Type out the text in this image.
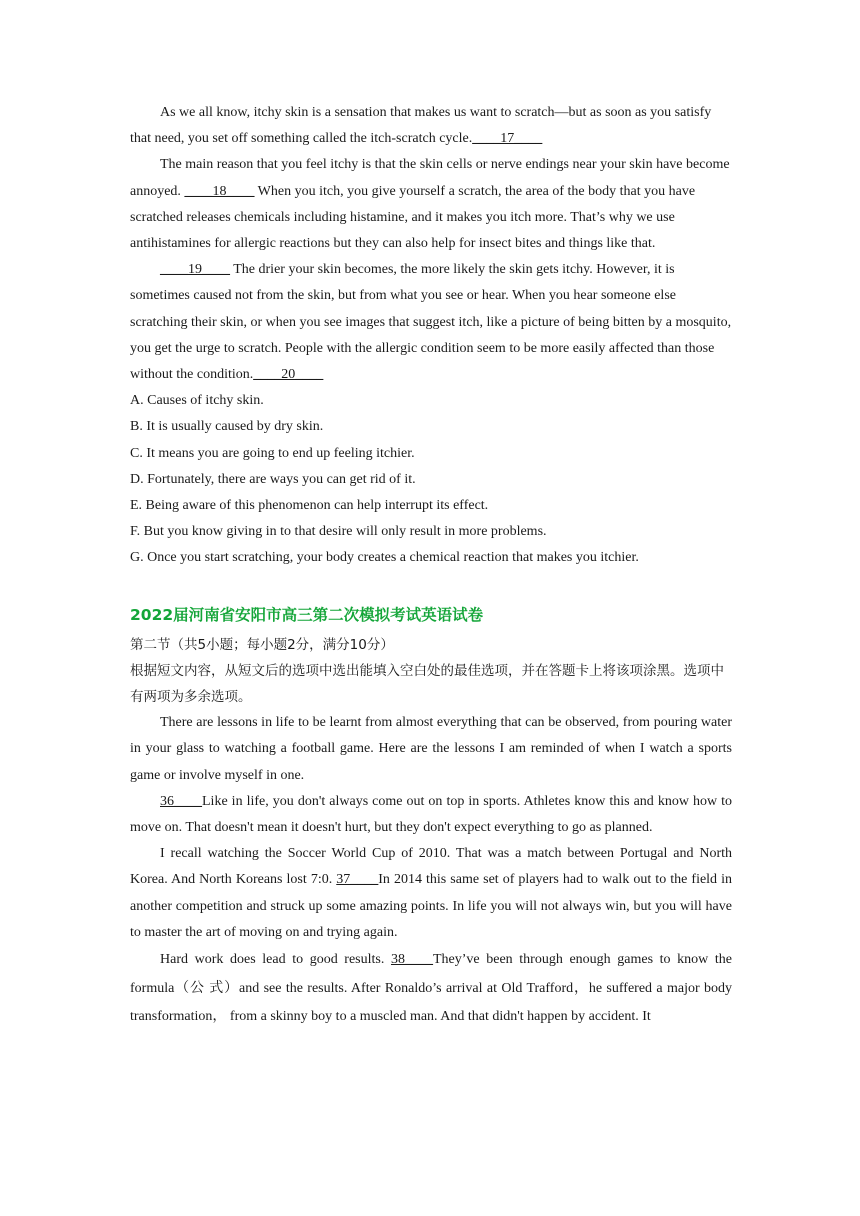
As we all know, itchy skin is a sensation that makes us want to scratch—but as soon as you satisfy that need, you set off something called the itch-scratch cycle.____17____

The main reason that you feel itchy is that the skin cells or nerve endings near your skin have become annoyed. ____18____ When you itch, you give yourself a scratch, the area of the body that you have scratched releases chemicals including histamine, and it makes you itch more. That’s why we use antihistamines for allergic reactions but they can also help for insect bites and things like that.

____19____ The drier your skin becomes, the more likely the skin gets itchy. However, it is sometimes caused not from the skin, but from what you see or hear. When you hear someone else scratching their skin, or when you see images that suggest itch, like a picture of being bitten by a mosquito, you get the urge to scratch. People with the allergic condition seem to be more easily affected than those without the condition.____20____

A. Causes of itchy skin.

B. It is usually caused by dry skin.

C. It means you are going to end up feeling itchier.

D. Fortunately, there are ways you can get rid of it.

E. Being aware of this phenomenon can help interrupt its effect.

F. But you know giving in to that desire will only result in more problems.

G. Once you start scratching, your body creates a chemical reaction that makes you itchier.

2022届河南省安阳市高三第二次模拟考试英语试卷

第二节（共5小题；每小题2分，满分10分）

根据短文内容，从短文后的选项中选出能填入空白处的最佳选项，并在答题卡上将该项涂黑。选项中有两项为多余选项。

There are lessons in life to be learnt from almost everything that can be observed, from pouring water in your glass to watching a football game. Here are the lessons I am reminded of when I watch a sports game or involve myself in one.

36____Like in life, you don't always come out on top in sports. Athletes know this and know how to move on. That doesn't mean it doesn't hurt, but they don't expect everything to go as planned.

I recall watching the Soccer World Cup of 2010. That was a match between Portugal and North Korea. And North Koreans lost 7:0. 37____In 2014 this same set of players had to walk out to the field in another competition and struck up some amazing points. In life you will not always win, but you will have to master the art of moving on and trying again.

Hard work does lead to good results. 38____They’ve been through enough games to know the formula（公 式）and see the results. After Ronaldo’s arrival at Old Trafford，he suffered a major body transformation， from a skinny boy to a muscled man. And that didn't happen by accident. It
